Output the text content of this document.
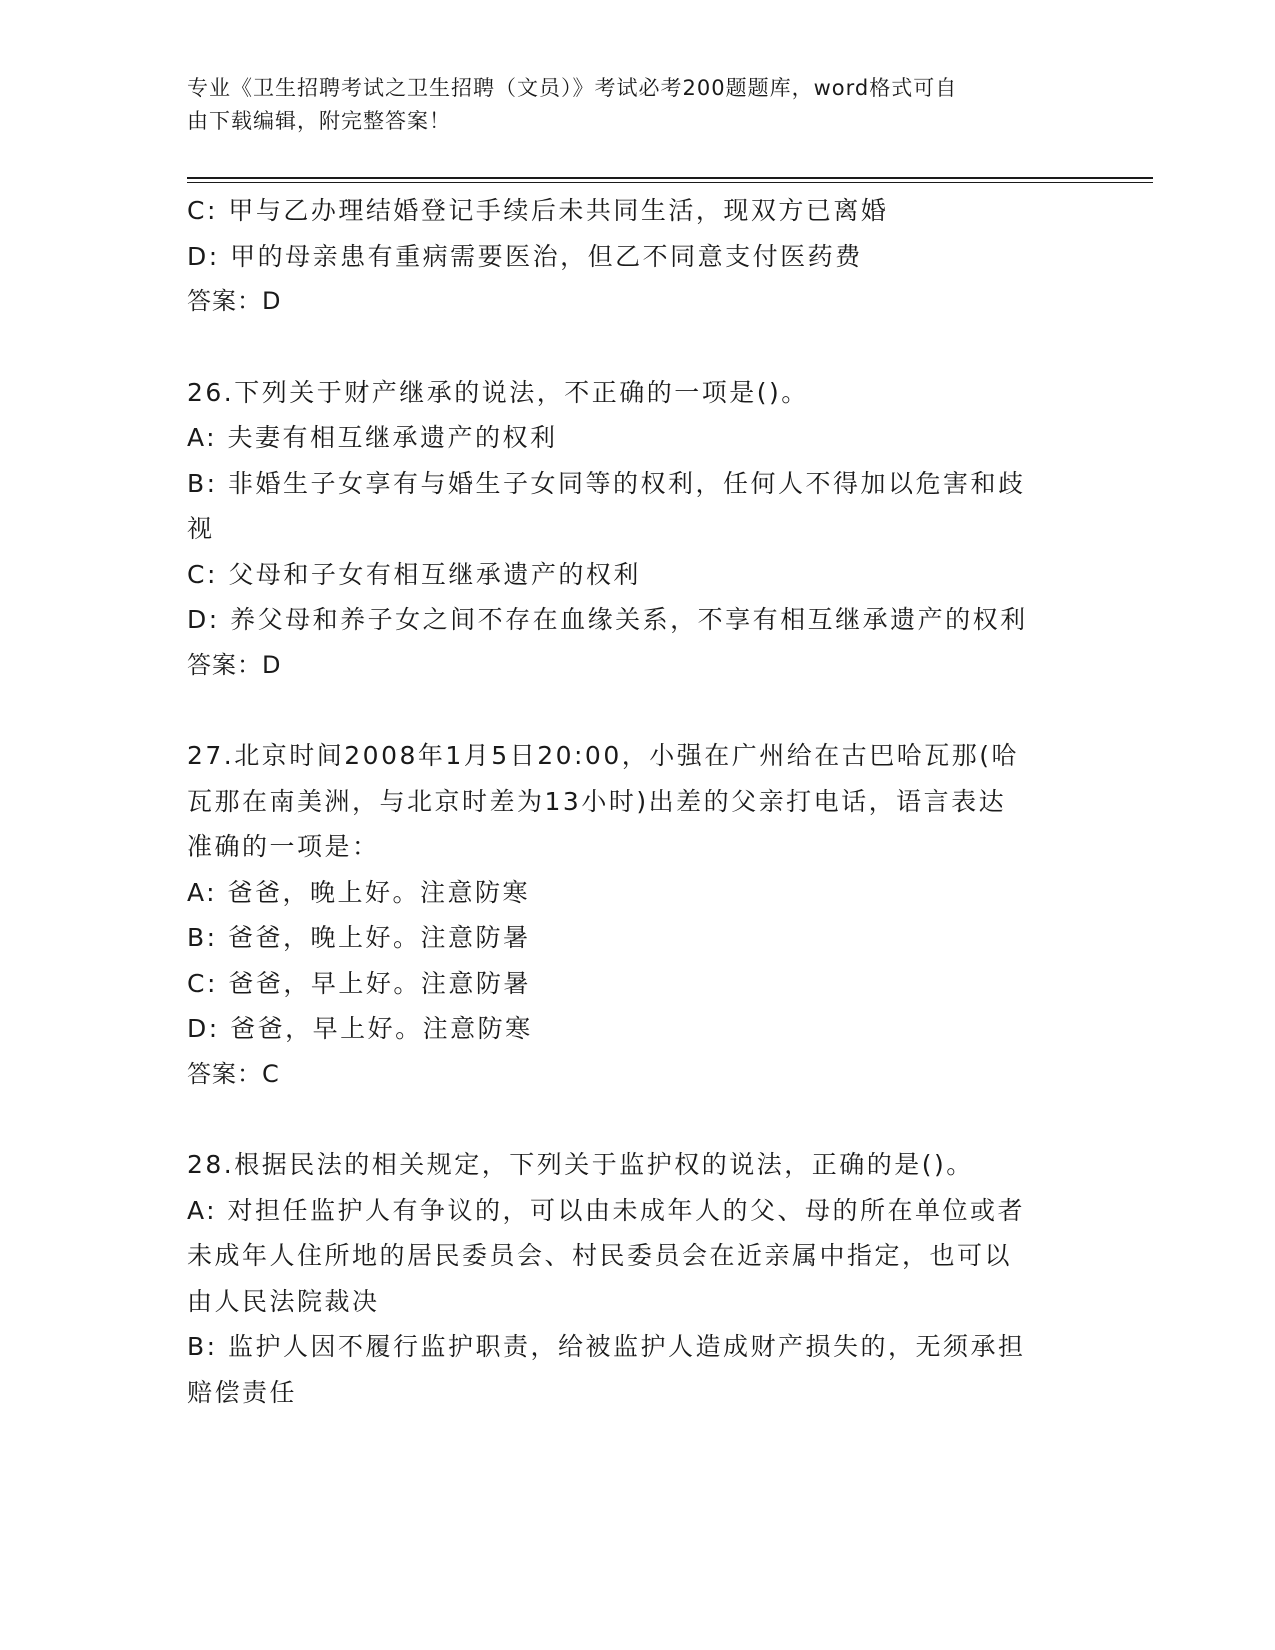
专业《卫生招聘考试之卫生招聘（文员）》考试必考200题题库，word格式可自
由下载编辑，附完整答案！
C: 甲与乙办理结婚登记手续后未共同生活，现双方已离婚
D: 甲的母亲患有重病需要医治，但乙不同意支付医药费
答案：D
26.下列关于财产继承的说法，不正确的一项是()。
A: 夫妻有相互继承遗产的权利
B: 非婚生子女享有与婚生子女同等的权利，任何人不得加以危害和歧
视
C: 父母和子女有相互继承遗产的权利
D: 养父母和养子女之间不存在血缘关系，不享有相互继承遗产的权利
答案：D
27.北京时间2008年1月5日20:00，小强在广州给在古巴哈瓦那(哈
瓦那在南美洲，与北京时差为13小时)出差的父亲打电话，语言表达
准确的一项是：
A: 爸爸，晚上好。注意防寒
B: 爸爸，晚上好。注意防暑
C: 爸爸，早上好。注意防暑
D: 爸爸，早上好。注意防寒
答案：C
28.根据民法的相关规定，下列关于监护权的说法，正确的是()。
A: 对担任监护人有争议的，可以由未成年人的父、母的所在单位或者
未成年人住所地的居民委员会、村民委员会在近亲属中指定，也可以
由人民法院裁决
B: 监护人因不履行监护职责，给被监护人造成财产损失的，无须承担
赔偿责任
